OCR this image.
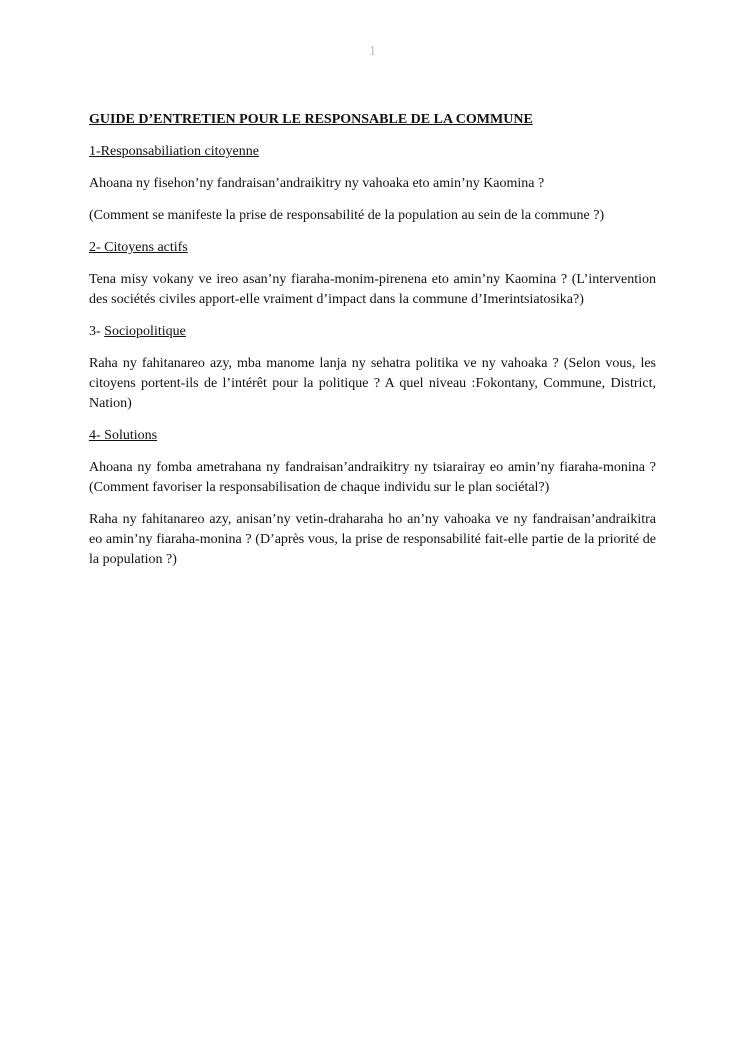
1
GUIDE D’ENTRETIEN POUR LE RESPONSABLE DE LA COMMUNE
1-Responsabiliation citoyenne
Ahoana ny fisehon’ny fandraisan’andraikitry ny vahoaka eto amin’ny Kaomina ?
(Comment se manifeste la prise de responsabilité de la population au sein de la commune ?)
2- Citoyens actifs
Tena misy vokany ve ireo asan’ny fiaraha-monim-pirenena eto amin’ny Kaomina ? (L’intervention des sociétés civiles apport-elle vraiment d’impact dans la commune d’Imerintsiatosika?)
3- Sociopolitique
Raha ny fahitanareo azy, mba manome lanja ny sehatra politika ve ny vahoaka ? (Selon vous, les citoyens portent-ils de l’intérêt pour la politique ? A quel niveau :Fokontany, Commune, District, Nation)
4- Solutions
Ahoana ny fomba ametrahana ny fandraisan’andraikitry ny tsiarairay eo amin’ny fiaraha-monina ? (Comment favoriser la responsabilisation de chaque individu sur le plan sociétal?)
Raha ny fahitanareo azy, anisan’ny vetin-draharaha ho an’ny vahoaka ve ny fandraisan’andraikitra eo amin’ny fiaraha-monina ? (D’après vous, la prise de responsabilité fait-elle partie de la priorité de la population ?)
